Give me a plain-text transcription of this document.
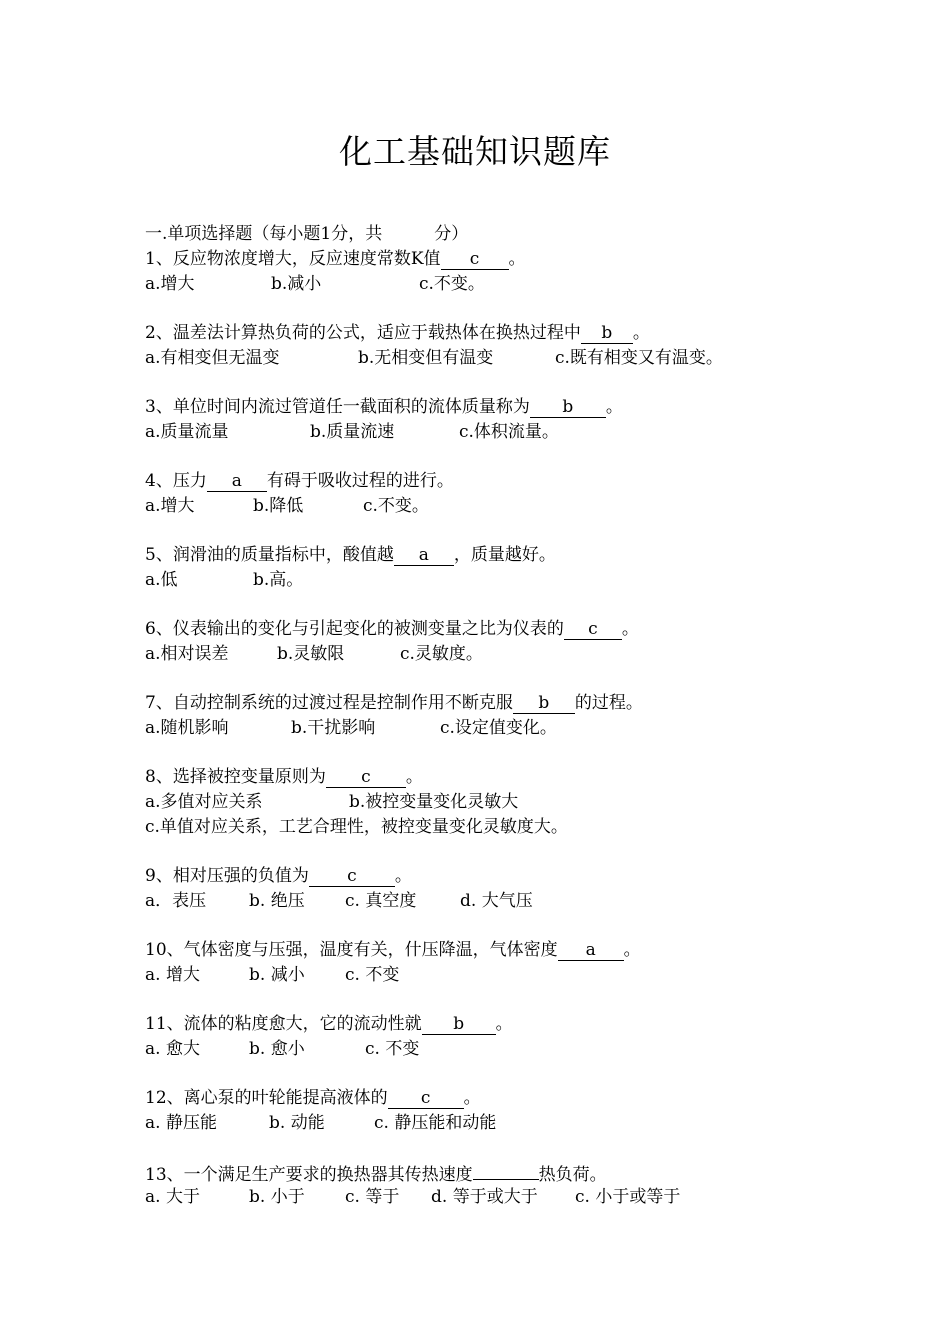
化工基础知识题库
一.单项选择题（每小题1分，共	分）
1、反应物浓度增大，反应速度常数K值 c 。
a.增大	b.减小	c.不变。
2、温差法计算热负荷的公式，适应于载热体在换热过程中 b 。
a.有相变但无温变	b.无相变但有温变	c.既有相变又有温变。
3、单位时间内流过管道任一截面积的流体质量称为 b 。
a.质量流量	b.质量流速	c.体积流量。
4、压力 a 有碍于吸收过程的进行。
a.增大	b.降低	c.不变。
5、润滑油的质量指标中，酸值越 a ，质量越好。
a.低	b.高。
6、仪表输出的变化与引起变化的被测变量之比为仪表的 c 。
a.相对误差	b.灵敏限	c.灵敏度。
7、自动控制系统的过渡过程是控制作用不断克服 b 的过程。
a.随机影响	b.干扰影响	c.设定值变化。
8、选择被控变量原则为 c 。
a.多值对应关系	b.被控变量变化灵敏大
c.单值对应关系，工艺合理性，被控变量变化灵敏度大。
9、相对压强的负值为 c 。
a．表压	b. 绝压 c. 真空度	d. 大气压
10、气体密度与压强，温度有关，什压降温，气体密度 a 。
a. 增大	b. 减小 c. 不变
11、流体的粘度愈大，它的流动性就 b 。
a. 愈大	b. 愈小	c. 不变
12、离心泵的叶轮能提高液体的 c 。
a. 静压能	b. 动能	c. 静压能和动能
13、一个满足生产要求的换热器其传热速度	热负荷。
a. 大于	b. 小于 c. 等于 d. 等于或大于 c. 小于或等于
